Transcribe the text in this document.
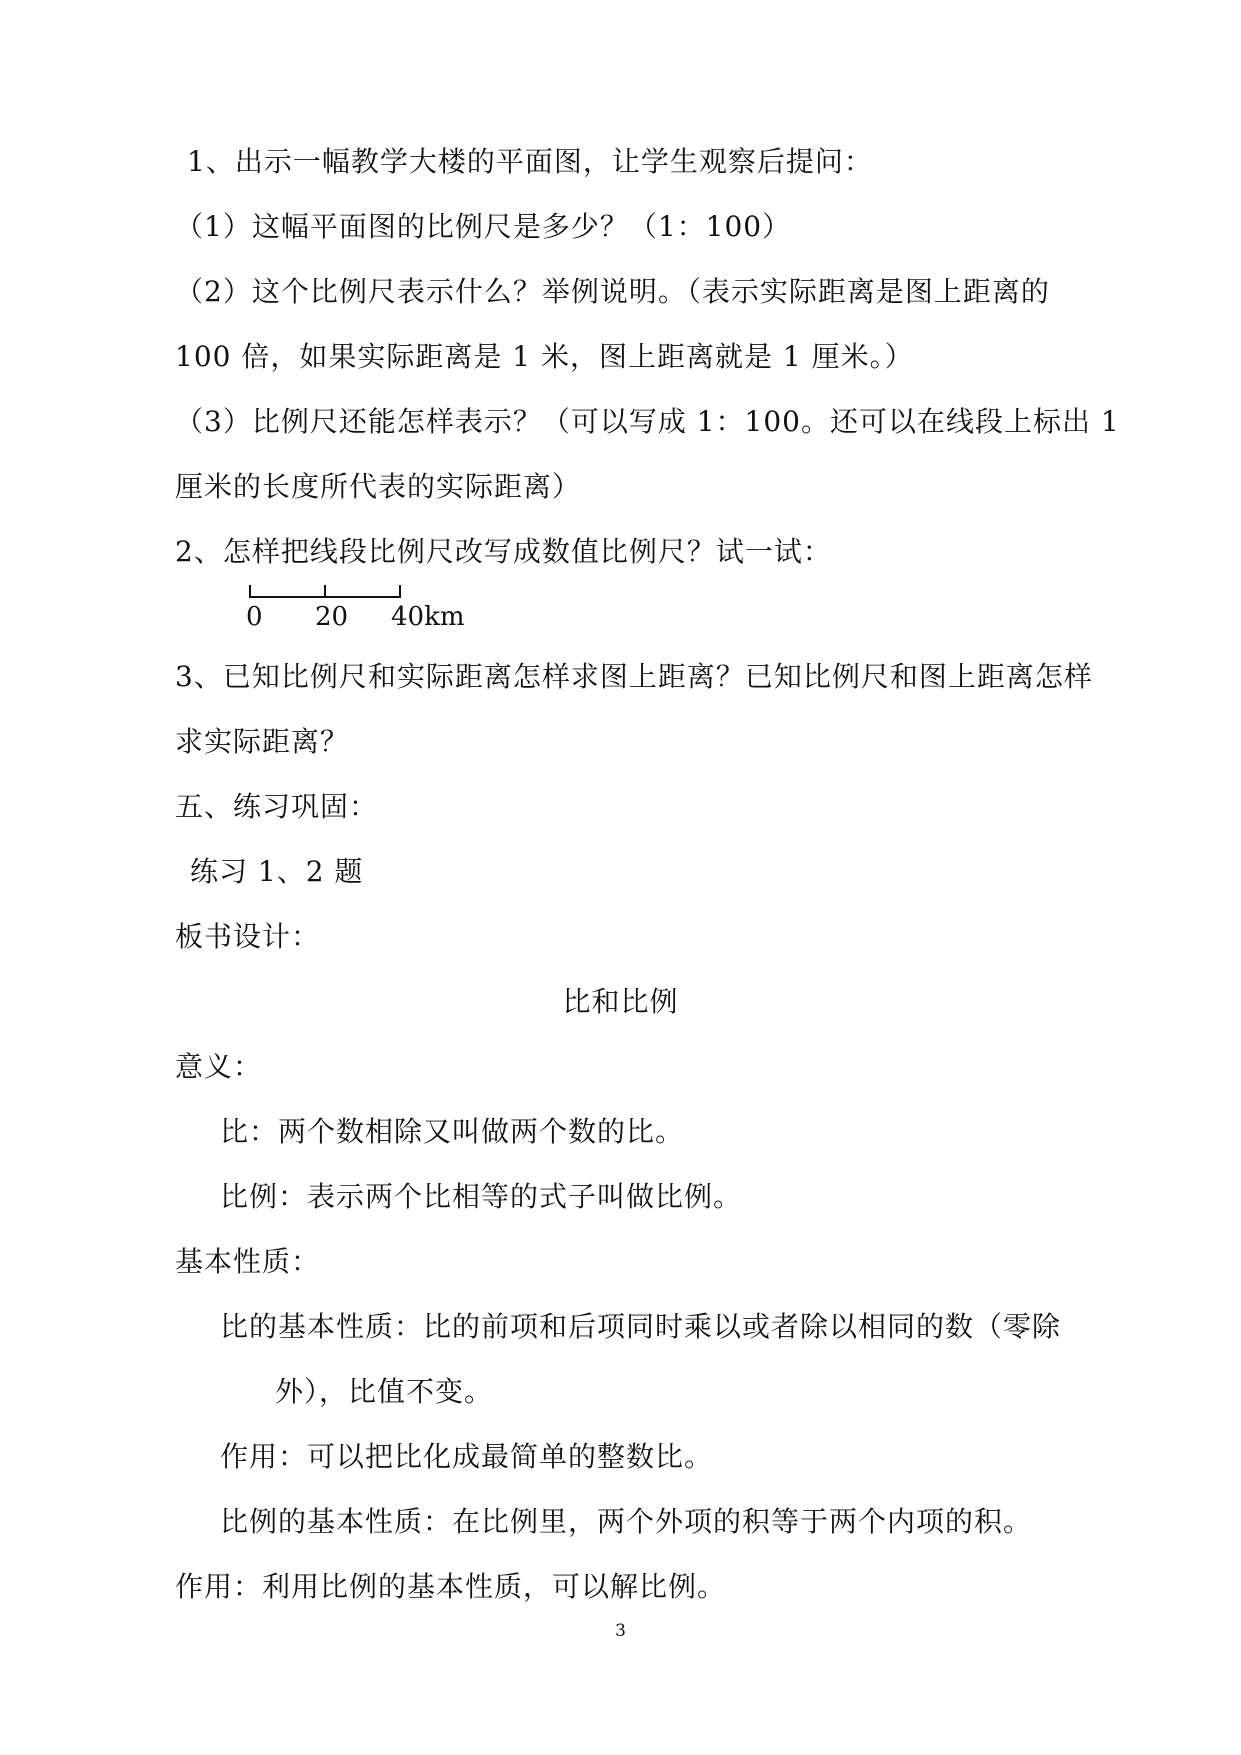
1、出示一幅教学大楼的平面图，让学生观察后提问：
（1）这幅平面图的比例尺是多少？（1：100）
（2）这个比例尺表示什么？举例说明。（表示实际距离是图上距离的
100 倍，如果实际距离是 1 米，图上距离就是 1 厘米。）
（3）比例尺还能怎样表示？（可以写成 1：100。还可以在线段上标出 1
厘米的长度所代表的实际距离）
2、怎样把线段比例尺改写成数值比例尺？试一试：
0 20 40km
3、已知比例尺和实际距离怎样求图上距离？已知比例尺和图上距离怎样
求实际距离？
五、练习巩固：
练习 1、2 题
板书设计：
比和比例
意义：
比：两个数相除又叫做两个数的比。
比例：表示两个比相等的式子叫做比例。
基本性质：
比的基本性质：比的前项和后项同时乘以或者除以相同的数（零除
外），比值不变。
作用：可以把比化成最简单的整数比。
比例的基本性质：在比例里，两个外项的积等于两个内项的积。
作用：利用比例的基本性质，可以解比例。
3
